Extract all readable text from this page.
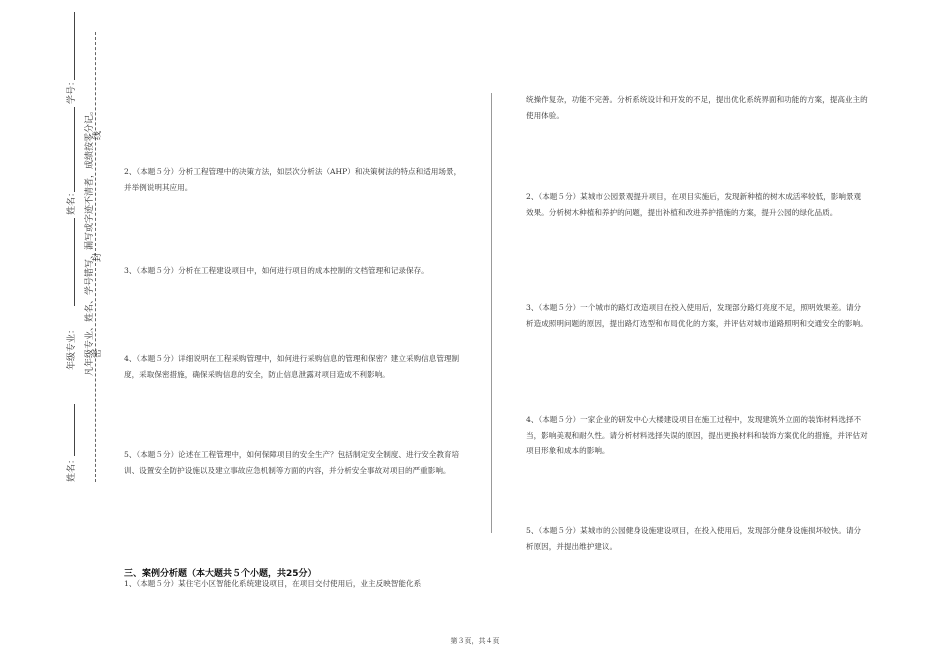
学号：
姓名：
年级专业：
姓名：
凡年级专业、姓名、学号错写、漏写或字迹不清者，成绩按零分记。
密
封
线
2、（本题５分）分析工程管理中的决策方法，如层次分析法（AHP）和决策树法的特点和适用场景，并举例说明其应用。
3、（本题５分）分析在工程建设项目中，如何进行项目的成本控制的文档管理和记录保存。
4、（本题５分）详细说明在工程采购管理中，如何进行采购信息的管理和保密？建立采购信息管理制度，采取保密措施，确保采购信息的安全，防止信息泄露对项目造成不利影响。
5、（本题５分）论述在工程管理中，如何保障项目的安全生产？包括制定安全制度、进行安全教育培训、设置安全防护设施以及建立事故应急机制等方面的内容，并分析安全事故对项目的严重影响。
三、案例分析题（本大题共５个小题，共25分）
1、（本题５分）某住宅小区智能化系统建设项目，在项目交付使用后，业主反映智能化系
统操作复杂，功能不完善。分析系统设计和开发的不足，提出优化系统界面和功能的方案，提高业主的使用体验。
2、（本题５分）某城市公园景观提升项目，在项目实施后，发现新种植的树木成活率较低，影响景观效果。分析树木种植和养护的问题，提出补植和改进养护措施的方案，提升公园的绿化品质。
3、（本题５分）一个城市的路灯改造项目在投入使用后，发现部分路灯亮度不足，照明效果差。请分析造成照明问题的原因，提出路灯选型和布局优化的方案，并评估对城市道路照明和交通安全的影响。
4、（本题５分）一家企业的研发中心大楼建设项目在施工过程中，发现建筑外立面的装饰材料选择不当，影响美观和耐久性。请分析材料选择失误的原因，提出更换材料和装饰方案优化的措施，并评估对项目形象和成本的影响。
5、（本题５分）某城市的公园健身设施建设项目，在投入使用后，发现部分健身设施损坏较快。请分析原因，并提出维护建议。
第３页，共４页
